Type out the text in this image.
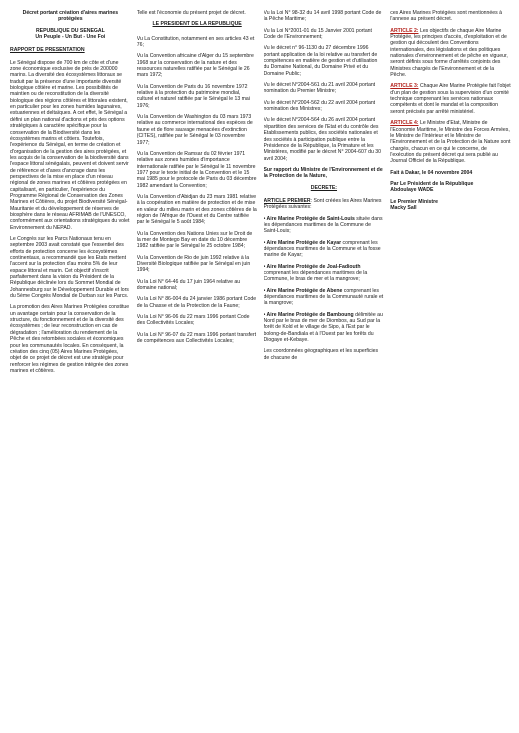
Décret portant création d'aires marines protégées

REPUBLIQUE DU SENEGAL

Un Peuple - Un But - Une Foi

RAPPORT DE PRESENTATION

Le Sénégal dispose de 700 km de côte et d'une zone économique exclusive de près de 200000 marins. La diversité des écosystèmes littoraux se traduit par la présence d'une importante diversité biologique côtière et marine. Les possibilités de maintien ou de reconstitution de la diversité biologique des régions côtières et littorales existent, en particulier pour les zones humides lagunaires, estuariennes et deltaïques. A cet effet, le Sénégal a défini un plan national d'actions et pris des options stratégiques à caractère spécifique pour la conservation de la Biodiversité dans les écosystèmes marins et côtiers. Toutefois, l'expérience du Sénégal, en terme de création et d'organisation de la gestion des aires protégées, et les acquis de la conservation de la biodiversité dans l'espace littoral sénégalais, peuvent et doivent servir de référence et d'axes d'ancrage dans les perspectives de la mise en place d'un réseau régional de zones marines et côtières protégées en capitalisant, en particulier, l'expérience du Programme Régional de Conservation des Zones Marines et Côtières, du projet Biodiversité Sénégal-Mauritanie et du développement de réserves de biosphère dans le réseau AFRIMAB de l'UNESCO, conformément aux orientations stratégiques du volet Environnement du NEPAD.

Le Congrès sur les Parcs Nationaux tenu en septembre 2003 avait constaté que l'essentiel des efforts de protection concerne les écosystèmes continentaux, a recommandé que les Etats mettent l'accent sur la protection d'au moins 5% de leur espace littoral et marin. Cet objectif s'inscrit parfaitement dans la vision du Président de la République déclinée lors du Sommet Mondial de Johannesburg sur le Développement Durable et lors du 5ème Congrès Mondial de Durban sur les Parcs.

La promotion des Aires Marines Protégées constitue un avantage certain pour la conservation de la structure, du fonctionnement et de la diversité des écosystèmes ; de leur reconstruction en cas de dégradation ; l'amélioration du rendement de la Pêche et des retombées sociales et économiques pour les communautés locales. En conséquent, la création des cinq (05) Aires Marines Protégées, objet de ce projet de décret est une stratégie pour renforcer les régimes de gestion intégrée des zones marines et côtières.

Telle est l'économie du présent projet de décret.

LE PRESIDENT DE LA REPUBLIQUE

Vu La Constitution, notamment en ses articles 43 et 76;

Vu la Convention africaine d'Alger du 15 septembre 1968 sur la conservation de la nature et des ressources naturelles ratifiée par le Sénégal le 26 mars 1972;

Vu la Convention de Paris du 16 novembre 1972 relative à la protection du patrimoine mondial, culturel et naturel ratifiée par le Sénégal le 13 mai 1976;

Vu la Convention de Washington du 03 mars 1973 relative au commerce international des espèces de faune et de flore sauvage menacées d'extinction (CITES), ratifiée par le Sénégal le 03 novembre 1977;

Vu la Convention de Ramsar du 02 février 1971 relative aux zones humides d'importance internationale ratifiée par le Sénégal le 11 novembre 1977 pour le texte initial de la Convention et le 15 mai 1985 pour le protocole de Paris du 03 décembre 1982 amendant la Convention;

Vu la Convention d'Abidjan du 23 mars 1981 relative à la coopération en matière de protection et de mise en valeur du milieu marin et des zones côtières de la région de l'Afrique de l'Ouest et du Centre ratifiée par le Sénégal le 5 août 1984;

Vu la Convention des Nations Unies sur le Droit de la mer de Montego Bay en date du 10 décembre 1982 ratifiée par le Sénégal le 25 octobre 1984;

Vu la Convention de Rio de juin 1992 relative à la Diversité Biologique ratifiée par le Sénégal en juin 1994;

Vu la Loi N° 64-46 du 17 juin 1964 relative au domaine national;

Vu la Loi N° 86-004 du 24 janvier 1986 portant Code de la Chasse et de la Protection de la Faune;

Vu la Loi N° 96-06 du 22 mars 1996 portant Code des Collectivités Locales;

Vu la Loi N° 96-07 du 22 mars 1996 portant transfert de compétences aux Collectivités Locales;

Vu la Loi N° 98-32 du 14 avril 1998 portant Code de la Pêche Maritime;

Vu la Loi N°2001-01 du 15 Janvier 2001 portant Code de l'Environnement;

Vu le décret n° 96-1130 du 27 décembre 1996 portant application de la loi relative au transfert de compétences en matière de gestion et d'utilisation du Domaine National, du Domaine Privé et du Domaine Public;

Vu le décret N°2004-561 du 21 avril 2004 portant nomination du Premier Ministre;

Vu le décret N°2004-562 du 22 avril 2004 portant nomination des Ministres;

Vu le décret N°2004-564 du 26 avril 2004 portant répartition des services de l'Etat et du contrôle des Etablissements publics, des sociétés nationales et des sociétés à participation publique entre la Présidence de la République, la Primature et les Ministères, modifié par le décret N° 2004-607 du 30 avril 2004;

Sur rapport du Ministre de l'Environnement et de la Protection de la Nature,

DECRETE:

ARTICLE PREMIER: Sont créées les Aires Marines Protégées suivantes:

• Aire Marine Protégée de Saint-Louis située dans les dépendances maritimes de la Commune de Saint-Louis;

• Aire Marine Protégée de Kayar comprenant les dépendances maritimes de la Commune et la fosse marine de Kayar;

• Aire Marine Protégée de Joal-Fadiouth comprenant les dépendances maritimes de la Commune, le bras de mer et la mangrove;

• Aire Marine Protégée de Abene comprenant les dépendances maritimes de la Communauté rurale et la mangrove;

• Aire Marine Protégée de Bamboung délimitée au Nord par le bras de mer de Diombos, au Sud par la forêt de Kold et le village de Sipo, à l'Est par le bolong-de-Bandiala et à l'Ouest par les forêts du Diogaye et-Kebaye.

Les coordonnées géographiques et les superficies de chacune de

ces Aires Marines Protégées sont mentionnées à l'annexe au présent décret.

ARTICLE 2: Les objectifs de chaque Aire Marine Protégée, les principes d'accès, d'exploitation et de gestion qui découlent des Conventions internationales, des législations et des politiques nationales d'environnement et de pêche en vigueur, seront définis sous forme d'arrêtés conjoints des Ministres chargés de l'Environnement et de la Pêche.

ARTICLE 3: Chaque Aire Marine Protégée fait l'objet d'un plan de gestion sous la supervision d'un comité technique comprenant les services nationaux compétents et dont le mandat et la composition seront précisés par arrêté ministériel.

ARTICLE 4: Le Ministre d'Etat, Ministre de l'Economie Maritime, le Ministre des Forces Armées, le Ministre de l'Intérieur et le Ministre de l'Environnement et de la Protection de la Nature sont chargés, chacun en ce qui le concerne, de l'exécution du présent décret qui sera publié au Journal Officiel de la République.

Fait à Dakar, le 04 novembre 2004

Par Le Président de la République

Abdoulaye WADE

Le Premier Ministre

Macky Sall
